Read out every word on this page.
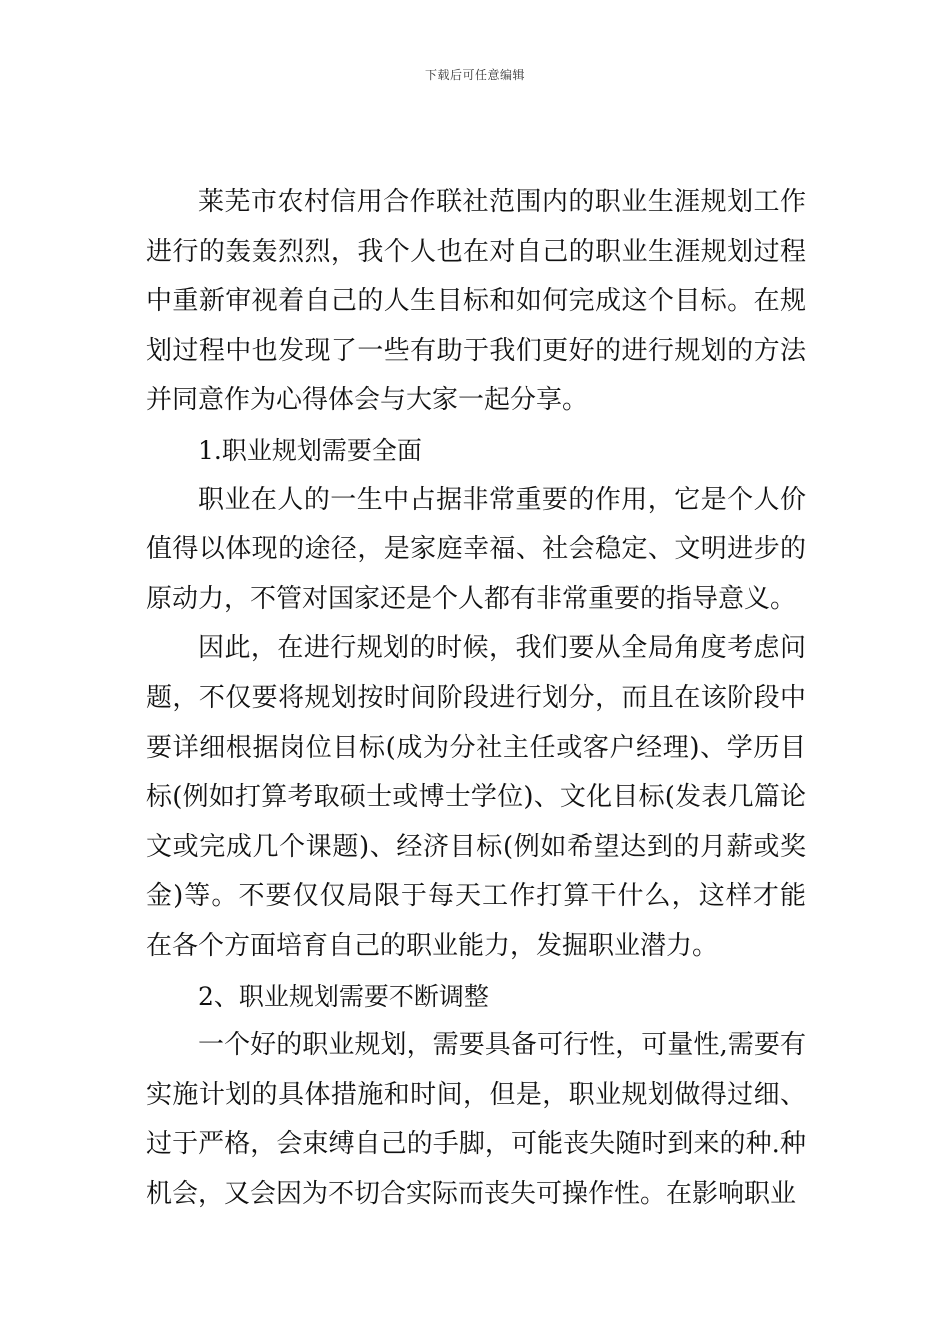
下载后可任意编辑

莱芜市农村信用合作联社范围内的职业生涯规划工作进行的轰轰烈烈，我个人也在对自己的职业生涯规划过程中重新审视着自己的人生目标和如何完成这个目标。在规划过程中也发现了一些有助于我们更好的进行规划的方法并同意作为心得体会与大家一起分享。

1.职业规划需要全面

职业在人的一生中占据非常重要的作用，它是个人价值得以体现的途径，是家庭幸福、社会稳定、文明进步的原动力，不管对国家还是个人都有非常重要的指导意义。

因此，在进行规划的时候，我们要从全局角度考虑问题，不仅要将规划按时间阶段进行划分，而且在该阶段中要详细根据岗位目标(成为分社主任或客户经理)、学历目标(例如打算考取硕士或博士学位)、文化目标(发表几篇论文或完成几个课题)、经济目标(例如希望达到的月薪或奖金)等。不要仅仅局限于每天工作打算干什么，这样才能在各个方面培育自己的职业能力，发掘职业潜力。

2、职业规划需要不断调整

一个好的职业规划，需要具备可行性，可量性,需要有实施计划的具体措施和时间，但是，职业规划做得过细、过于严格，会束缚自己的手脚，可能丧失随时到来的种.种机会，又会因为不切合实际而丧失可操作性。在影响职业
